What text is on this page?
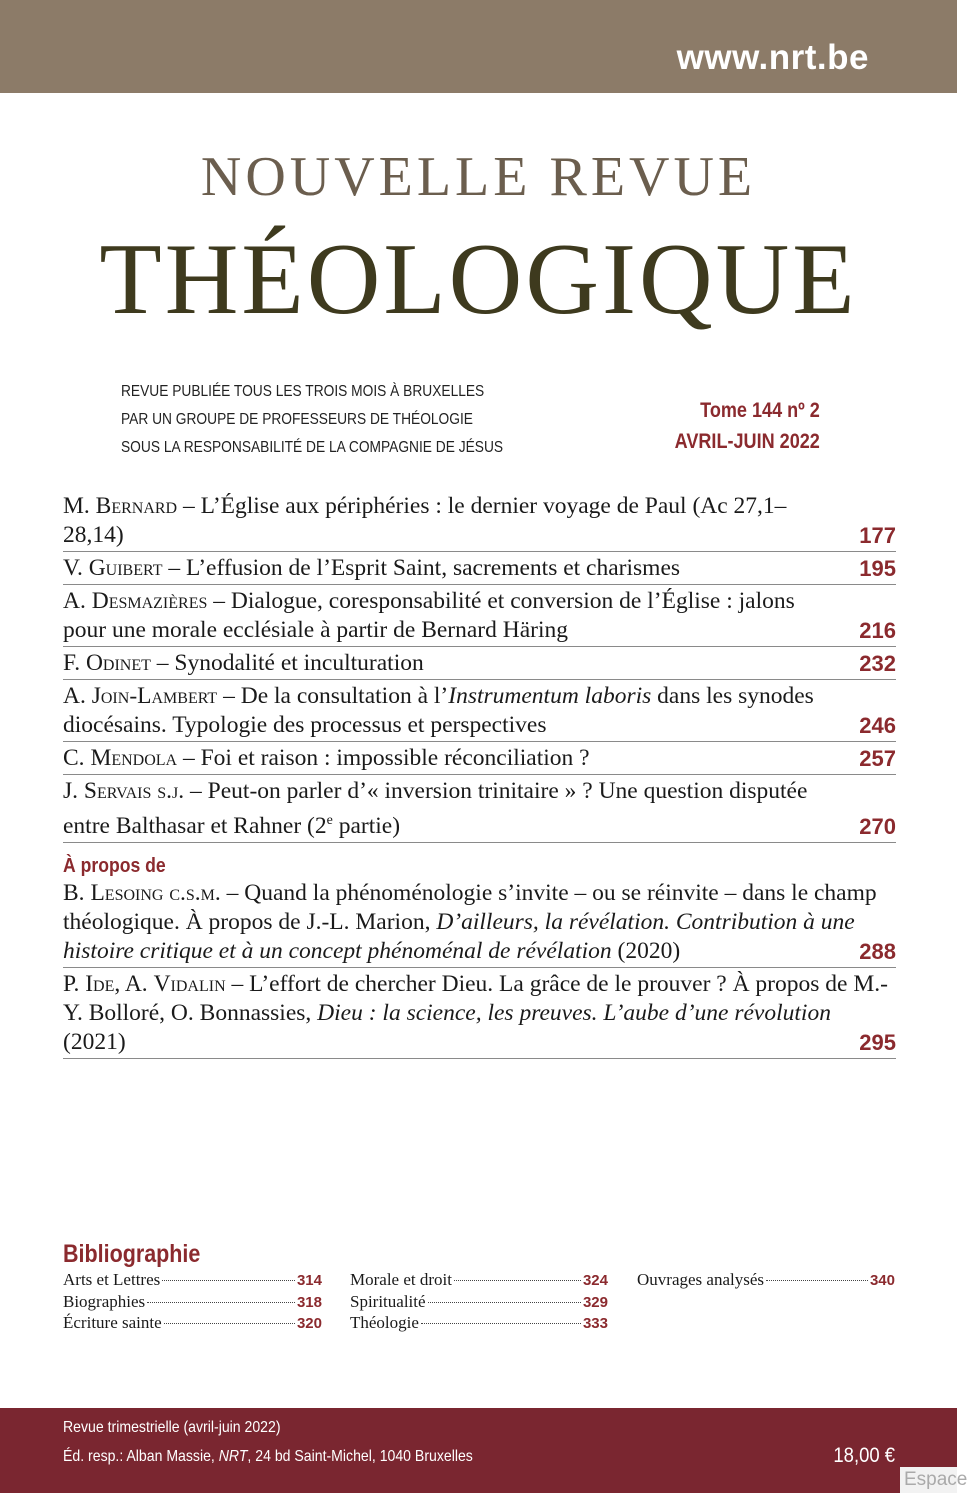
www.nrt.be
NOUVELLE REVUE
THÉOLOGIQUE
REVUE PUBLIÉE TOUS LES TROIS MOIS À BRUXELLES
PAR UN GROUPE DE PROFESSEURS DE THÉOLOGIE
SOUS LA RESPONSABILITÉ DE LA COMPAGNIE DE JÉSUS
Tome 144 nº 2
AVRIL-JUIN 2022
M. Bernard – L’Église aux périphéries : le dernier voyage de Paul (Ac 27,1–28,14)	177
V. Guibert – L’effusion de l’Esprit Saint, sacrements et charismes	195
A. Desmazières – Dialogue, coresponsabilité et conversion de l’Église : jalons pour une morale ecclésiale à partir de Bernard Häring	216
F. Odinet – Synodalité et inculturation	232
A. Join-Lambert – De la consultation à l’Instrumentum laboris dans les synodes diocésains. Typologie des processus et perspectives	246
C. Mendola – Foi et raison : impossible réconciliation ?	257
J. Servais s.j. – Peut-on parler d’« inversion trinitaire » ? Une question disputée entre Balthasar et Rahner (2e partie)	270
À propos de
B. Lesoing c.s.m. – Quand la phénoménologie s’invite – ou se réinvite – dans le champ théologique. À propos de J.-L. Marion, D’ailleurs, la révélation. Contribution à une histoire critique et à un concept phénoménal de révélation (2020)	288
P. Ide, A. Vidalin – L’effort de chercher Dieu. La grâce de le prouver ? À propos de M.-Y. Bolloré, O. Bonnassies, Dieu : la science, les preuves. L’aube d’une révolution (2021)	295
Bibliographie
Arts et Lettres	314
Biographies	318
Écriture sainte	320
Morale et droit	324
Spiritualité	329
Théologie	333
Ouvrages analysés	340
Revue trimestrielle (avril-juin 2022)
Éd. resp.: Alban Massie, NRT, 24 bd Saint-Michel, 1040 Bruxelles	18,00 €
Espace
